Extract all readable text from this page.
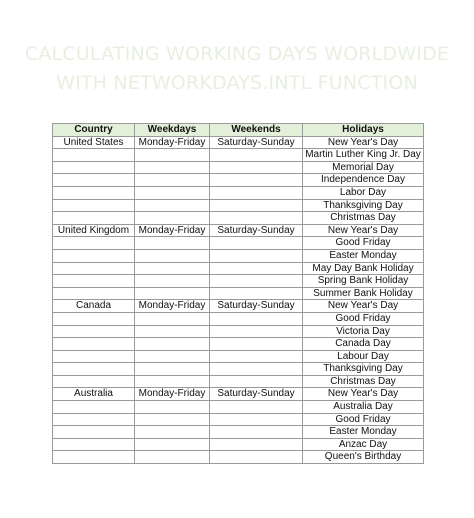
CALCULATING WORKING DAYS WORLDWIDE
WITH NETWORKDAYS.INTL FUNCTION
Country	Weekdays	Weekends	Holidays
United States	Monday-Friday	Saturday-Sunday	New Year's Day
			Martin Luther King Jr. Day
			Memorial Day
			Independence Day
			Labor Day
			Thanksgiving Day
			Christmas Day
United Kingdom	Monday-Friday	Saturday-Sunday	New Year's Day
			Good Friday
			Easter Monday
			May Day Bank Holiday
			Spring Bank Holiday
			Summer Bank Holiday
Canada	Monday-Friday	Saturday-Sunday	New Year's Day
			Good Friday
			Victoria Day
			Canada Day
			Labour Day
			Thanksgiving Day
			Christmas Day
Australia	Monday-Friday	Saturday-Sunday	New Year's Day
			Australia Day
			Good Friday
			Easter Monday
			Anzac Day
			Queen's Birthday
